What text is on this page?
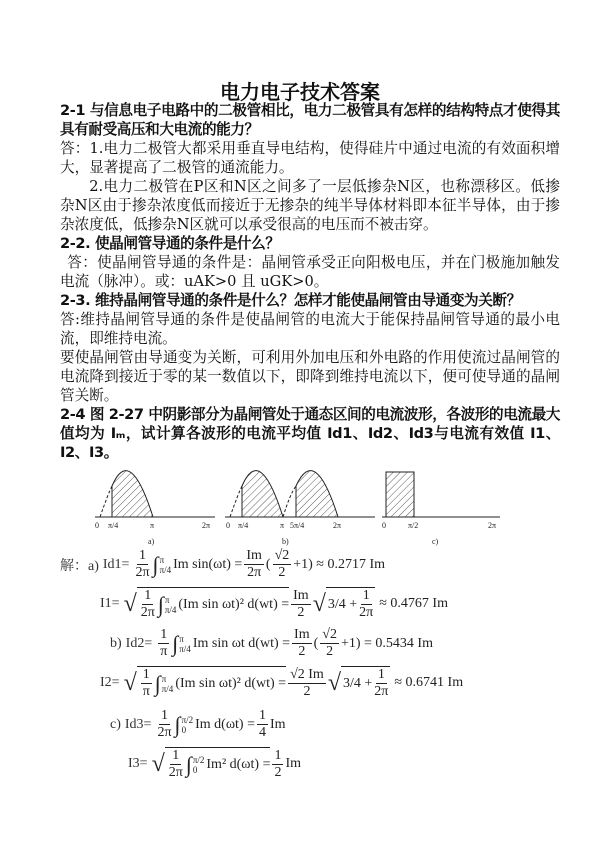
电力电子技术答案

2-1 与信息电子电路中的二极管相比，电力二极管具有怎样的结构特点才使得其具有耐受高压和大电流的能力？

答：1.电力二极管大都采用垂直导电结构，使得硅片中通过电流的有效面积增大，显著提高了二极管的通流能力。

2.电力二极管在P区和N区之间多了一层低掺杂N区，也称漂移区。低掺杂N区由于掺杂浓度低而接近于无掺杂的纯半导体材料即本征半导体，由于掺杂浓度低，低掺杂N区就可以承受很高的电压而不被击穿。

2-2. 使晶闸管导通的条件是什么？

答：使晶闸管导通的条件是：晶闸管承受正向阳极电压，并在门极施加触发电流（脉冲）。或：uAK>0 且 uGK>0。

2-3. 维持晶闸管导通的条件是什么？怎样才能使晶闸管由导通变为关断？

答:维持晶闸管导通的条件是使晶闸管的电流大于能保持晶闸管导通的最小电流，即维持电流。

要使晶闸管由导通变为关断，可利用外加电压和外电路的作用使流过晶闸管的电流降到接近于零的某一数值以下，即降到维持电流以下，便可使导通的晶闸管关断。

2-4 图 2-27 中阴影部分为晶闸管处于通态区间的电流波形，各波形的电流最大值均为 Iₘ，试计算各波形的电流平均值 Id1、Id2、Id3与电流有效值 I1、I2、I3。

0 π/4	π	2π
a)
0 π/4	π 5π/4	2π
b)
0	π/2	2π
c)
解：a) $Id1= \frac{1}{2\pi}$ ∫ π
π/4 Im $\sin(\omega t) = \frac{Im}{2\pi}$ ( $\frac{√2}{2} +1) \approx 0.2717$ Im
I1= √ $\frac{1}{2\pi}$ ∫ π
π/4 (Im sin ωt)² $d(wt) = \frac{Im}{2}$ √ $3/4 + \frac{1}{2\pi} \approx 0.4767$ Im
b) $Id2= \frac{1}{\pi}$ ∫ π
π/4 Im sin ωt $d(wt) = \frac{Im}{2}$ ( $\frac{√2}{2} +1) = 0.5434$ Im
I2= √ $\frac{1}{\pi}$ ∫ π
π/4 (Im sin ωt)² $d(wt) = \frac{√2 Im}{2}$ √ $3/4 + \frac{1}{2\pi} \approx 0.6741$ Im
c) $Id3= \frac{1}{2\pi}$ ∫ π/2
0 Im $d(\omega t) = \frac{1}{4}$ Im
I3= √ $\frac{1}{2\pi}$ ∫ π/2
0 Im² $d(\omega t) = \frac{1}{2}$ Im
